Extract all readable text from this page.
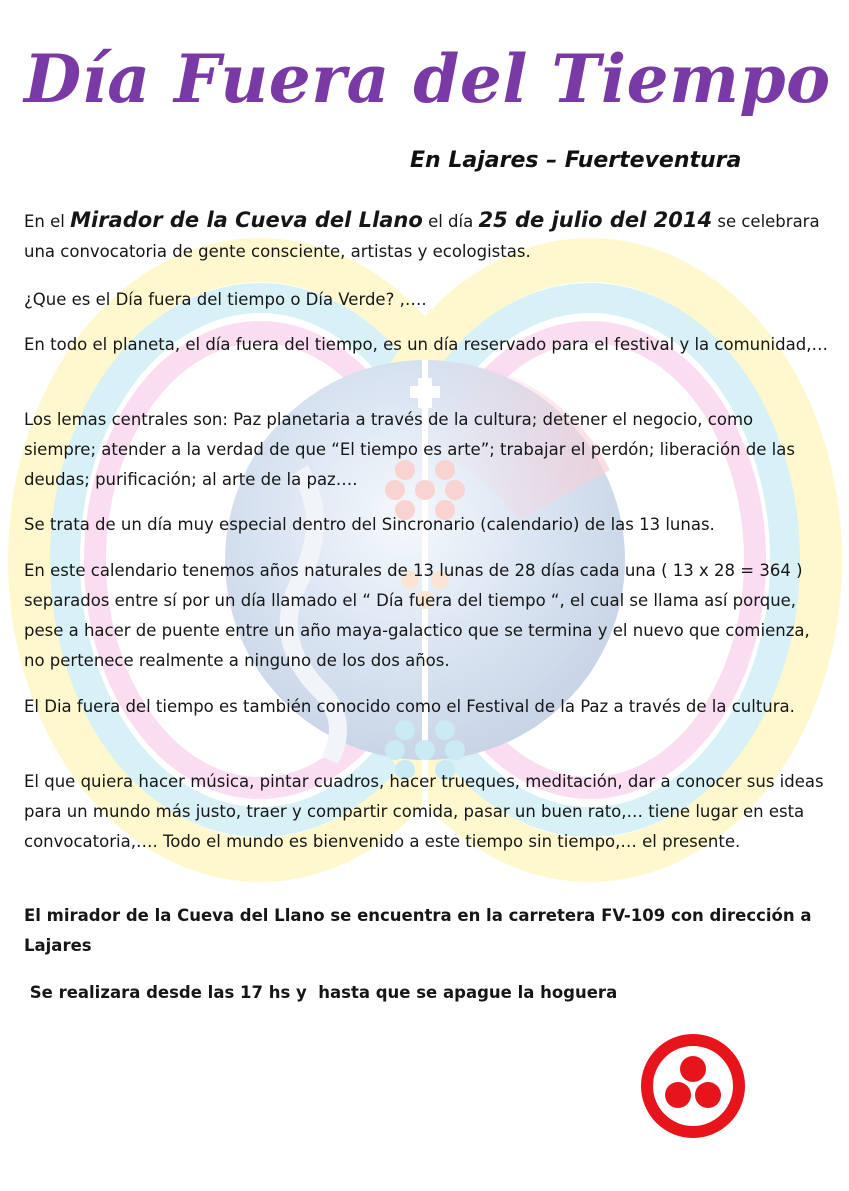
Día Fuera del Tiempo
En Lajares – Fuerteventura

En el Mirador de la Cueva del Llano el día 25 de julio del 2014 se celebrara una convocatoria de gente consciente, artistas y ecologistas.

¿Que es el Día fuera del tiempo o Día Verde? ,….

En todo el planeta, el día fuera del tiempo, es un día reservado para el festival y la comunidad,…

Los lemas centrales son: Paz planetaria a través de la cultura; detener el negocio, como siempre; atender a la verdad de que “El tiempo es arte”; trabajar el perdón; liberación de las deudas; purificación; al arte de la paz….

Se trata de un día muy especial dentro del Sincronario (calendario) de las 13 lunas.

En este calendario tenemos años naturales de 13 lunas de 28 días cada una ( 13 x 28 = 364 ) separados entre sí por un día llamado el “ Día fuera del tiempo “, el cual se llama así porque, pese a hacer de puente entre un año maya-galactico que se termina y el nuevo que comienza, no pertenece realmente a ninguno de los dos años.

El Dia fuera del tiempo es también conocido como el Festival de la Paz a través de la cultura.

El que quiera hacer música, pintar cuadros, hacer trueques, meditación, dar a conocer sus ideas para un mundo más justo, traer y compartir comida, pasar un buen rato,… tiene lugar en esta convocatoria,…. Todo el mundo es bienvenido a este tiempo sin tiempo,… el presente.

El mirador de la Cueva del Llano se encuentra en la carretera FV-109 con dirección a Lajares

Se realizara desde las 17 hs y  hasta que se apague la hoguera
